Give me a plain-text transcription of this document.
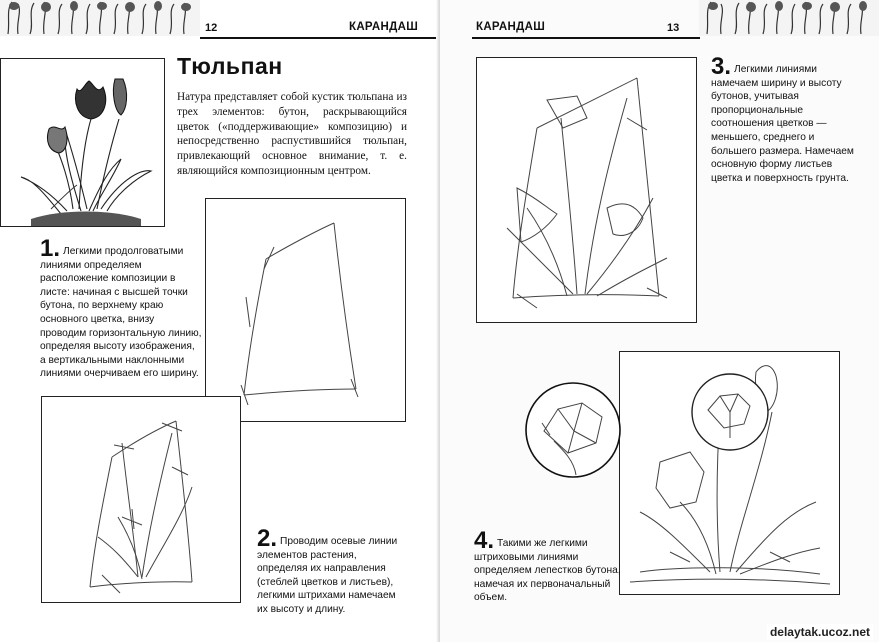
12	КАРАНДАШ
Тюльпан
Натура представляет собой кустик тюльпана из трех элементов: бутон, раскрывающийся цветок («поддерживающие» композицию) и непосредственно распустившийся тюльпан, привлекающий основное внимание, т. е. являющийся композиционным центром.
1. Легкими продолговатыми линиями определяем расположение композиции в листе: начиная с высшей точки бутона, по верхнему краю основного цветка, внизу проводим горизонтальную линию, определяя высоту изображения, а вертикальными наклонными линиями очерчиваем его ширину.
2. Проводим осевые линии элементов растения, определяя их направления (стеблей цветков и листьев), легкими штрихами намечаем их высоту и длину.
КАРАНДАШ	13
3. Легкими линиями намечаем ширину и высоту бутонов, учитывая пропорциональные соотношения цветков — меньшего, среднего и большего размера. Намечаем основную форму листьев цветка и поверхность грунта.
4. Такими же легкими штриховыми линиями определяем лепестков бутона, намечая их первоначальный объем.
delaytak.ucoz.net
